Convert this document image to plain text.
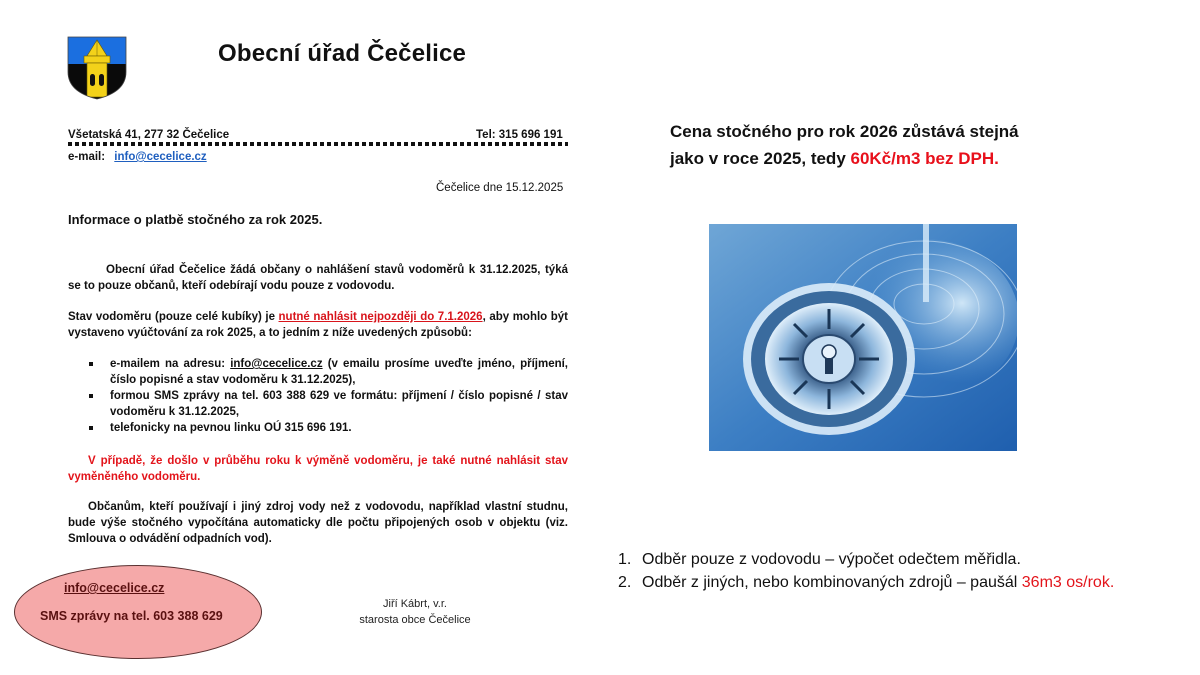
Obecní úřad Čečelice
Všetatská 41, 277 32 Čečelice	Tel: 315 696 191
e-mail: info@cecelice.cz
Čečelice dne 15.12.2025
Informace o platbě stočného za rok 2025.
Obecní úřad Čečelice žádá občany o nahlášení stavů vodoměrů k 31.12.2025, týká se to pouze občanů, kteří odebírají vodu pouze z vodovodu.
Stav vodoměru (pouze celé kubíky) je nutné nahlásit nejpozději do 7.1.2026, aby mohlo být vystaveno vyúčtování za rok 2025, a to jedním z níže uvedených způsobů:
e-mailem na adresu: info@cecelice.cz (v emailu prosíme uveďte jméno, příjmení, číslo popisné a stav vodoměru k 31.12.2025),
formou SMS zprávy na tel. 603 388 629 ve formátu: příjmení / číslo popisné / stav vodoměru k 31.12.2025,
telefonicky na pevnou linku OÚ 315 696 191.
V případě, že došlo v průběhu roku k výměně vodoměru, je také nutné nahlásit stav vyměněného vodoměru.
Občanům, kteří používají i jiný zdroj vody než z vodovodu, například vlastní studnu, bude výše stočného vypočítána automaticky dle počtu připojených osob v objektu (viz. Smlouva o odvádění odpadních vod).
info@cecelice.cz
SMS zprávy na tel. 603 388 629
Jiří Kábrt, v.r.
starosta obce Čečelice
Cena stočného pro rok 2026 zůstává stejná
jako v roce 2025, tedy 60Kč/m3 bez DPH.
1. Odběr pouze z vodovodu – výpočet odečtem měřidla.
2. Odběr z jiných, nebo kombinovaných zdrojů – paušál 36m3 os/rok.
